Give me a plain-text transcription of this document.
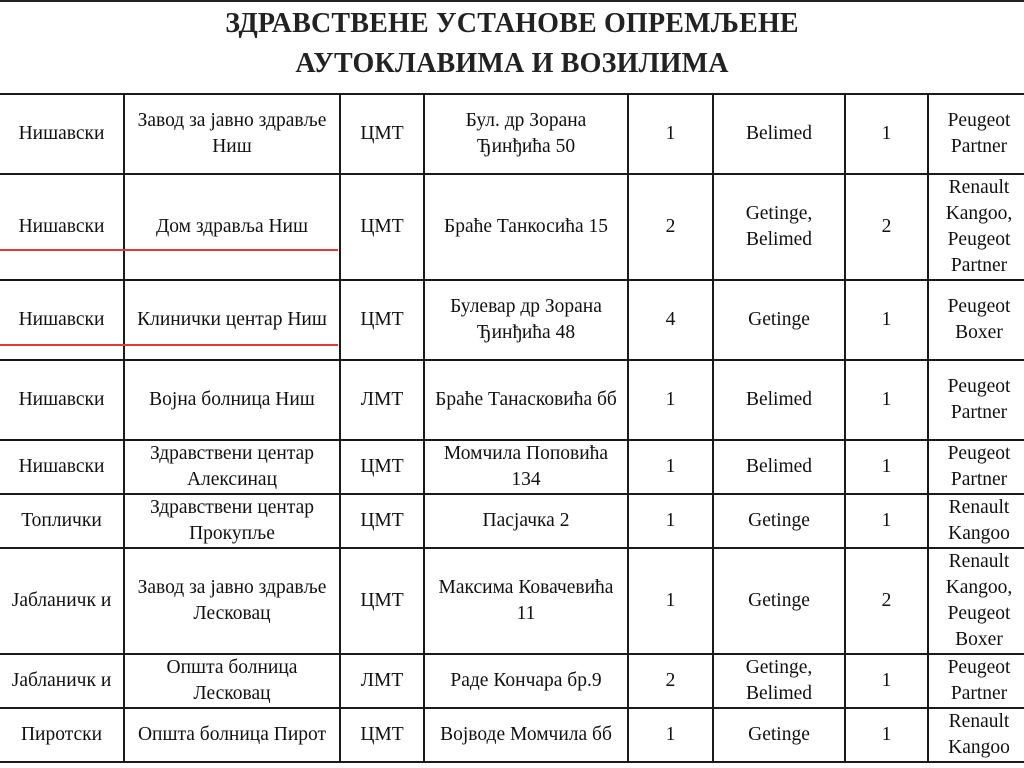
ЗДРАВСТВЕНЕ УСТАНОВЕ ОПРЕМЉЕНЕ
АУТОКЛАВИМА И ВОЗИЛИМА
Нишавски	Завод за јавно здравље Ниш	ЦМТ	Бул. др Зорана Ђинђића 50	1	Belimed	1	Peugeot Partner
Нишавски	Дом здравља Ниш	ЦМТ	Браће Танкосића 15	2	Getinge, Belimed	2	Renault Kangoo, Peugeot Partner
Нишавски	Клинички центар Ниш	ЦМТ	Булевар др Зорана Ђинђића 48	4	Getinge	1	Peugeot Boxer
Нишавски	Војна болница Ниш	ЛМТ	Браће Танасковића бб	1	Belimed	1	Peugeot Partner
Нишавски	Здравствени центар Алексинац	ЦМТ	Момчила Поповића 134	1	Belimed	1	Peugeot Partner
Топлички	Здравствени центар Прокупље	ЦМТ	Пасјачка 2	1	Getinge	1	Renault Kangoo
Јабланичк и	Завод за јавно здравље Лесковац	ЦМТ	Максима Ковачевића 11	1	Getinge	2	Renault Kangoo, Peugeot Boxer
Јабланичк и	Општа болница Лесковац	ЛМТ	Раде Кончара бр.9	2	Getinge, Belimed	1	Peugeot Partner
Пиротски	Општа болница Пирот	ЦМТ	Војводе Момчила бб	1	Getinge	1	Renault Kangoo
